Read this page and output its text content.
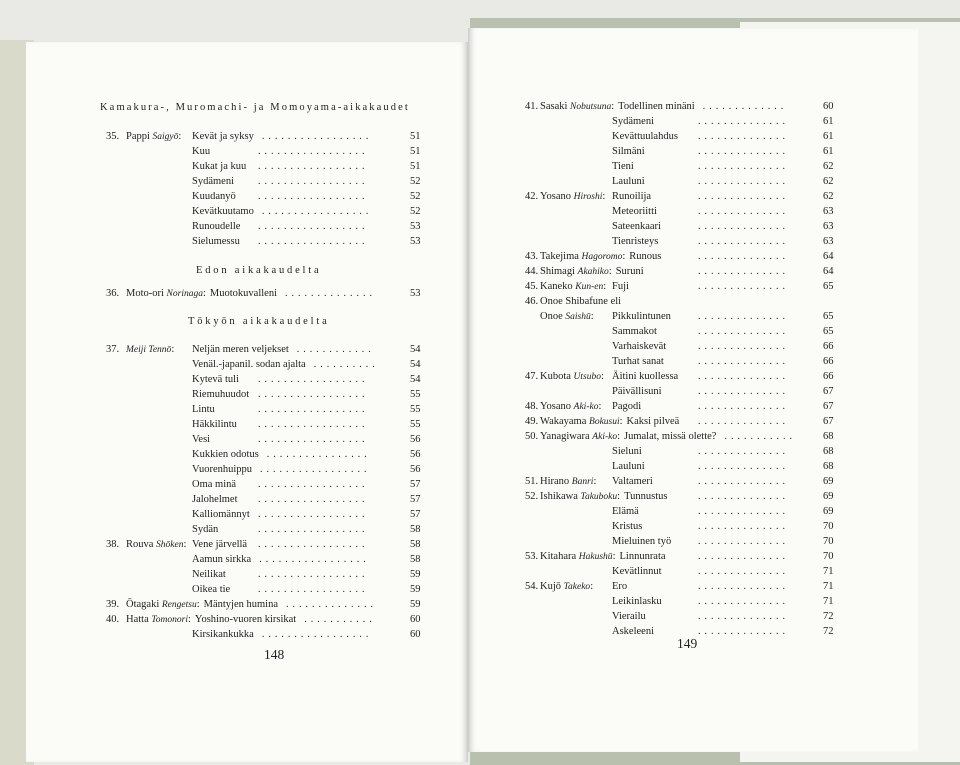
Kamakura-, Muromachi- ja Momoyama-aikakaudet
Edon aikakaudelta
Tōkyōn aikakaudelta
148
35. Pappi Saigyō: Kevät ja syksy	51
.................
Kuu	51
.................
Kukat ja kuu	51
.................
Sydämeni	52
.................
Kuudanyö	52
.................
Kevätkuutamo	52
.................
Runoudelle	53
.................
Sielumessu	53
.................
36. Moto-ori Norinaga: Muotokuvalleni	53
..............
37. Meiji Tennō: Neljän meren veljekset	54
............
Venäl.-japanil. sodan ajalta	54
..........
Kytevä tuli	54
.................
Riemuhuudot	55
.................
Lintu	55
.................
Häkkilintu	55
.................
Vesi	56
.................
Kukkien odotus	56
................
Vuorenhuippu	56
.................
Oma minä	57
.................
Jalohelmet	57
.................
Kalliomännyt	57
.................
Sydän	58
.................
38. Rouva Shōken: Vene järvellä	58
.................
Aamun sirkka	58
.................
Neilikat	59
.................
Oikea tie	59
.................
39. Ōtagaki Rengetsu: Mäntyjen humina	59
..............
40. Hatta Tomonori: Yoshino-vuoren kirsikat	60
...........
Kirsikankukka	60
.................
149
41. Sasaki Nobutsuna: Todellinen minäni	60
.............
Sydämeni	61
..............
Kevättuulahdus	61
..............
Silmäni	61
..............
Tieni	62
..............
Lauluni	62
..............
42. Yosano Hiroshi: Runoilija	62
..............
Meteoriitti	63
..............
Sateenkaari	63
..............
Tienristeys	63
..............
43. Takejima Hagoromo: Runous	64
..............
44. Shimagi Akahiko: Suruni	64
..............
45. Kaneko Kun-en: Fuji	65
..............
46. Onoe Shibafune eli
Onoe Saishū: Pikkulintunen	65
..............
Sammakot	65
..............
Varhaiskevät	66
..............
Turhat sanat	66
..............
47. Kubota Utsubo: Äitini kuollessa	66
..............
Päivällisuni	67
..............
48. Yosano Aki-ko: Pagodi	67
..............
49. Wakayama Bokusui: Kaksi pilveä	67
..............
50. Yanagiwara Aki-ko: Jumalat, missä olette?	68
...........
Sieluni	68
..............
Lauluni	68
..............
51. Hirano Banri: Valtameri	69
..............
52. Ishikawa Takuboku: Tunnustus	69
..............
Elämä	69
..............
Kristus	70
..............
Mieluinen työ	70
..............
53. Kitahara Hakushū: Linnunrata	70
..............
Kevätlinnut	71
..............
54. Kujō Takeko: Ero	71
..............
Leikinlasku	71
..............
Vierailu	72
..............
Askeleeni	72
..............
